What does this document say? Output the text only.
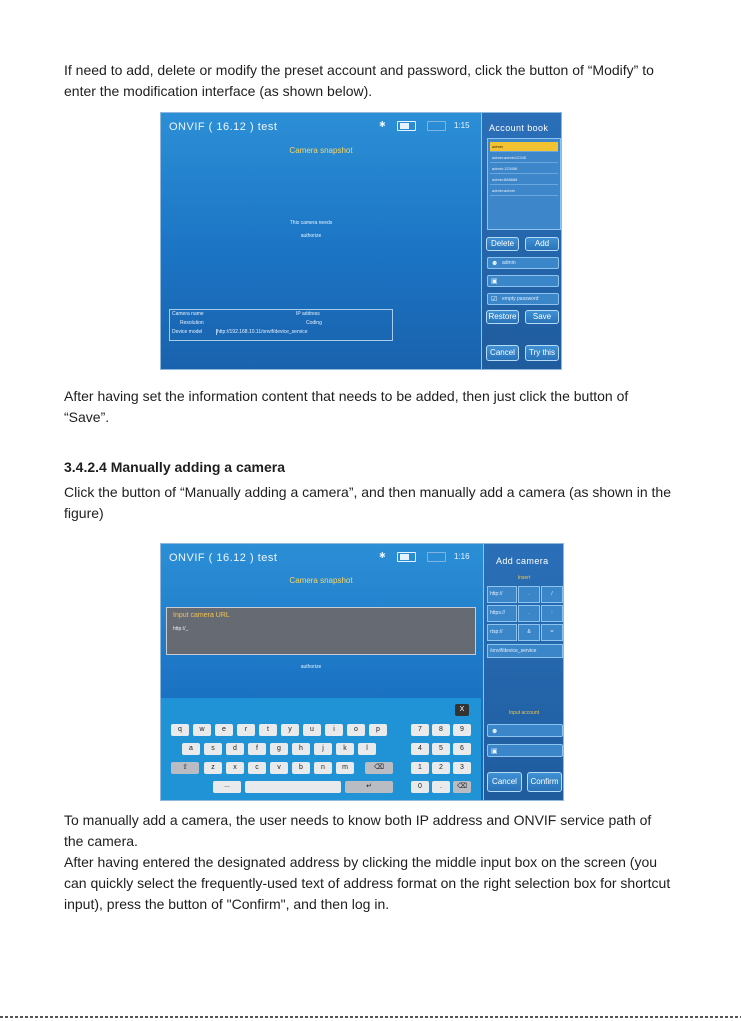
If need to add, delete or modify the preset account and password, click the button of “Modify” to enter the modification interface (as shown below).

ONVIF ( 16.12 ) test	✱	1:15
Camera snapshot
This camera needs
authorize
Camera name	IP address
Resolution	Coding
Device model	http://192.168.10.11/onvif/device_service
Account book
admin
admin:admin12345
admin:123456
admin:888888
admin:admin
Delete	Add
☻ admin
▣
☑ empty password
Restore	Save
Cancel	Try this

After having set the information content that needs to be added, then just click the button of “Save”.

3.4.2.4 Manually adding a camera

Click the button of “Manually adding a camera”, and then manually add a camera (as shown in the figure)

ONVIF ( 16.12 ) test	✱	1:16
Camera snapshot
Input camera URL
http://_
authorize
X
⇧	⌫
...	↵
q	w	e	r	t	y	u	i	o	p
a	s	d	f	g	h	j	k	l
z	x	c	v	b	n	m
7	8	9
4	5	6
1	2	3
0	.	⌫
Add camera
Insert
/onvif/device_service
Input account
☻
▣
Cancel	Confirm
http://	.	/
https://	.	:
rtsp://	&	=

To manually add a camera, the user needs to know both IP address and ONVIF service path of the camera.

After having entered the designated address by clicking the middle input box on the screen (you can quickly select the frequently-used text of address format on the right selection box for shortcut input), press the button of "Confirm", and then log in.
